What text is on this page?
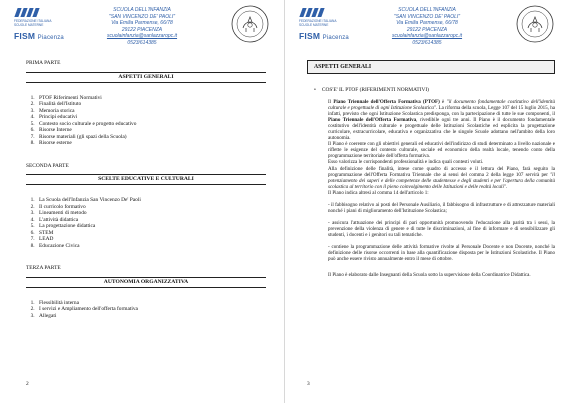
FEDERAZIONE ITALIANA
SCUOLE MATERNE
FISM Piacenza
SCUOLA DELL'INFANZIA
"SAN VINCENZO DE' PAOLI"
Via Emilia Parmense, 66/78
29122 PIACENZA
scuolainfanzia@sanlazzaropc.it
0523/614385
PRIMA PARTE
ASPETTI GENERALI
1. PTOF Riferimenti Normativi
2. Finalità dell'Istituto
3. Memoria storica
4. Principi educativi
5. Contesto socio culturale e progetto educativo
6. Risorse Interne
7. Risorse materiali (gli spazi della Scuola)
8. Risorse esterne
SECONDA PARTE
SCELTE EDUCATIVE E CULTURALI
1. La Scuola dell'Infanzia San Vincenzo De' Paoli
2. Il curricolo formativo
3. Lineamenti di metodo
4. L'attività didattica
5. La progettazione didattica
6. STEM
7. LEAD
8. Educazione Civica
TERZA PARTE
AUTONOMIA ORGANIZZATIVA
1. Flessibilità interna
2. I servizi e Ampliamento dell'offerta formativa
3. Allegati
2
FEDERAZIONE ITALIANA
SCUOLE MATERNE
FISM Piacenza
SCUOLA DELL'INFANZIA
"SAN VINCENZO DE' PAOLI"
Via Emilia Parmense, 66/78
29122 PIACENZA
scuolainfanzia@sanlazzaropc.it
0523/614385
ASPETTI GENERALI
• COS'E' IL PTOF (RIFERIMENTI NORMATIVI)

Il Piano Triennale dell'Offerta Formativa (PTOF) è "il documento fondamentale costitutivo dell'identità culturale e progettuale di ogni Istituzione Scolastica". La riforma della scuola, Legge 107 del 15 luglio 2015, ha infatti, previsto che ogni Istituzione Scolastica predisponga, con la partecipazione di tutte le sue componenti, il Piano Triennale dell'Offerta Formativa, rivedibile ogni tre anni. Il Piano è il documento fondamentale costitutivo dell'identità culturale e progettuale delle Istituzioni Scolastiche ed esplicita la progettazione curricolare, extracurricolare, educativa e organizzativa che le singole Scuole adottano nell'ambito della loro autonomia.

Il Piano è coerente con gli obiettivi generali ed educativi dell'indirizzo di studi determinato a livello nazionale e riflette le esigenze del contesto culturale, sociale ed economico della realtà locale, tenendo conto della programmazione territoriale dell'offerta formativa.

Esso valorizza le corrispondenti professionalità e indica quali contesti voluti.

Alla definizione delle finalità, intese come quadro di accesso e il lettura del Piano, farà seguito la programmazione dell'Offerta Formativa Triennale che ai sensi del comma 2 della legge 107 servirà per "il potenziamento dei saperi e delle competenze delle studentesse e degli studenti e per l'apertura della comunità scolastica al territorio con il pieno coinvolgimento delle Istituzioni e delle realtà locali".

Il Piano indica altresì al comma 14 dell'articolo 1:

- il fabbisogno relativo ai posti del Personale Ausiliario, il fabbisogno di infrastrutture e di attrezzature materiali nonché i piani di miglioramento dell'Istituzione Scolastica;

- assicura l'attuazione dei principi di pari opportunità promuovendo l'educazione alla parità tra i sessi, la prevenzione della violenza di genere e di tutte le discriminazioni, al fine di informare e di sensibilizzare gli studenti, i docenti e i genitori su tali tematiche.

- contiene la programmazione delle attività formative rivolte al Personale Docente e non Docente, nonché la definizione delle risorse occorrenti in base alla quantificazione disposta per le Istituzioni Scolastiche. Il Piano può anche essere rivisto annualmente entro il mese di ottobre.

Il Piano è elaborato dalle Insegnanti della Scuola sotto la supervisione della Coordinatrice Didattica.

3
